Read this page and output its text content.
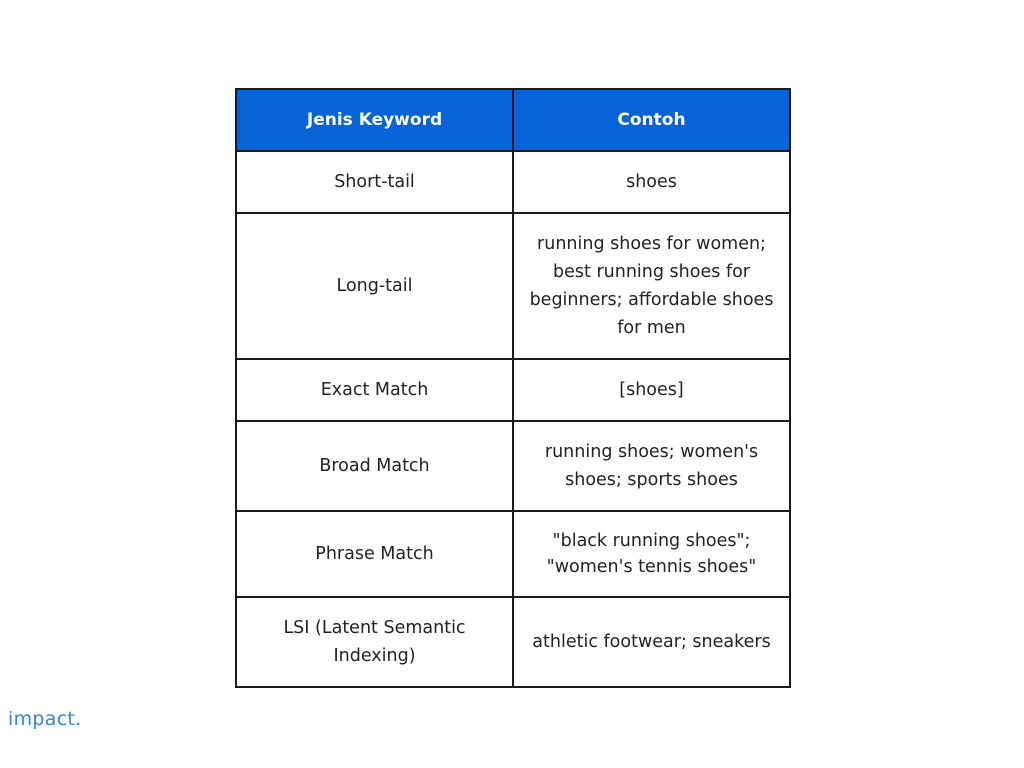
Jenis Keyword	Contoh
Short-tail	shoes
Long-tail	running shoes for women; best running shoes for beginners; affordable shoes for men
Exact Match	[shoes]
Broad Match	running shoes; women's shoes; sports shoes
Phrase Match	"black running shoes"; "women's tennis shoes"
LSI (Latent Semantic Indexing)	athletic footwear; sneakers
impact.
